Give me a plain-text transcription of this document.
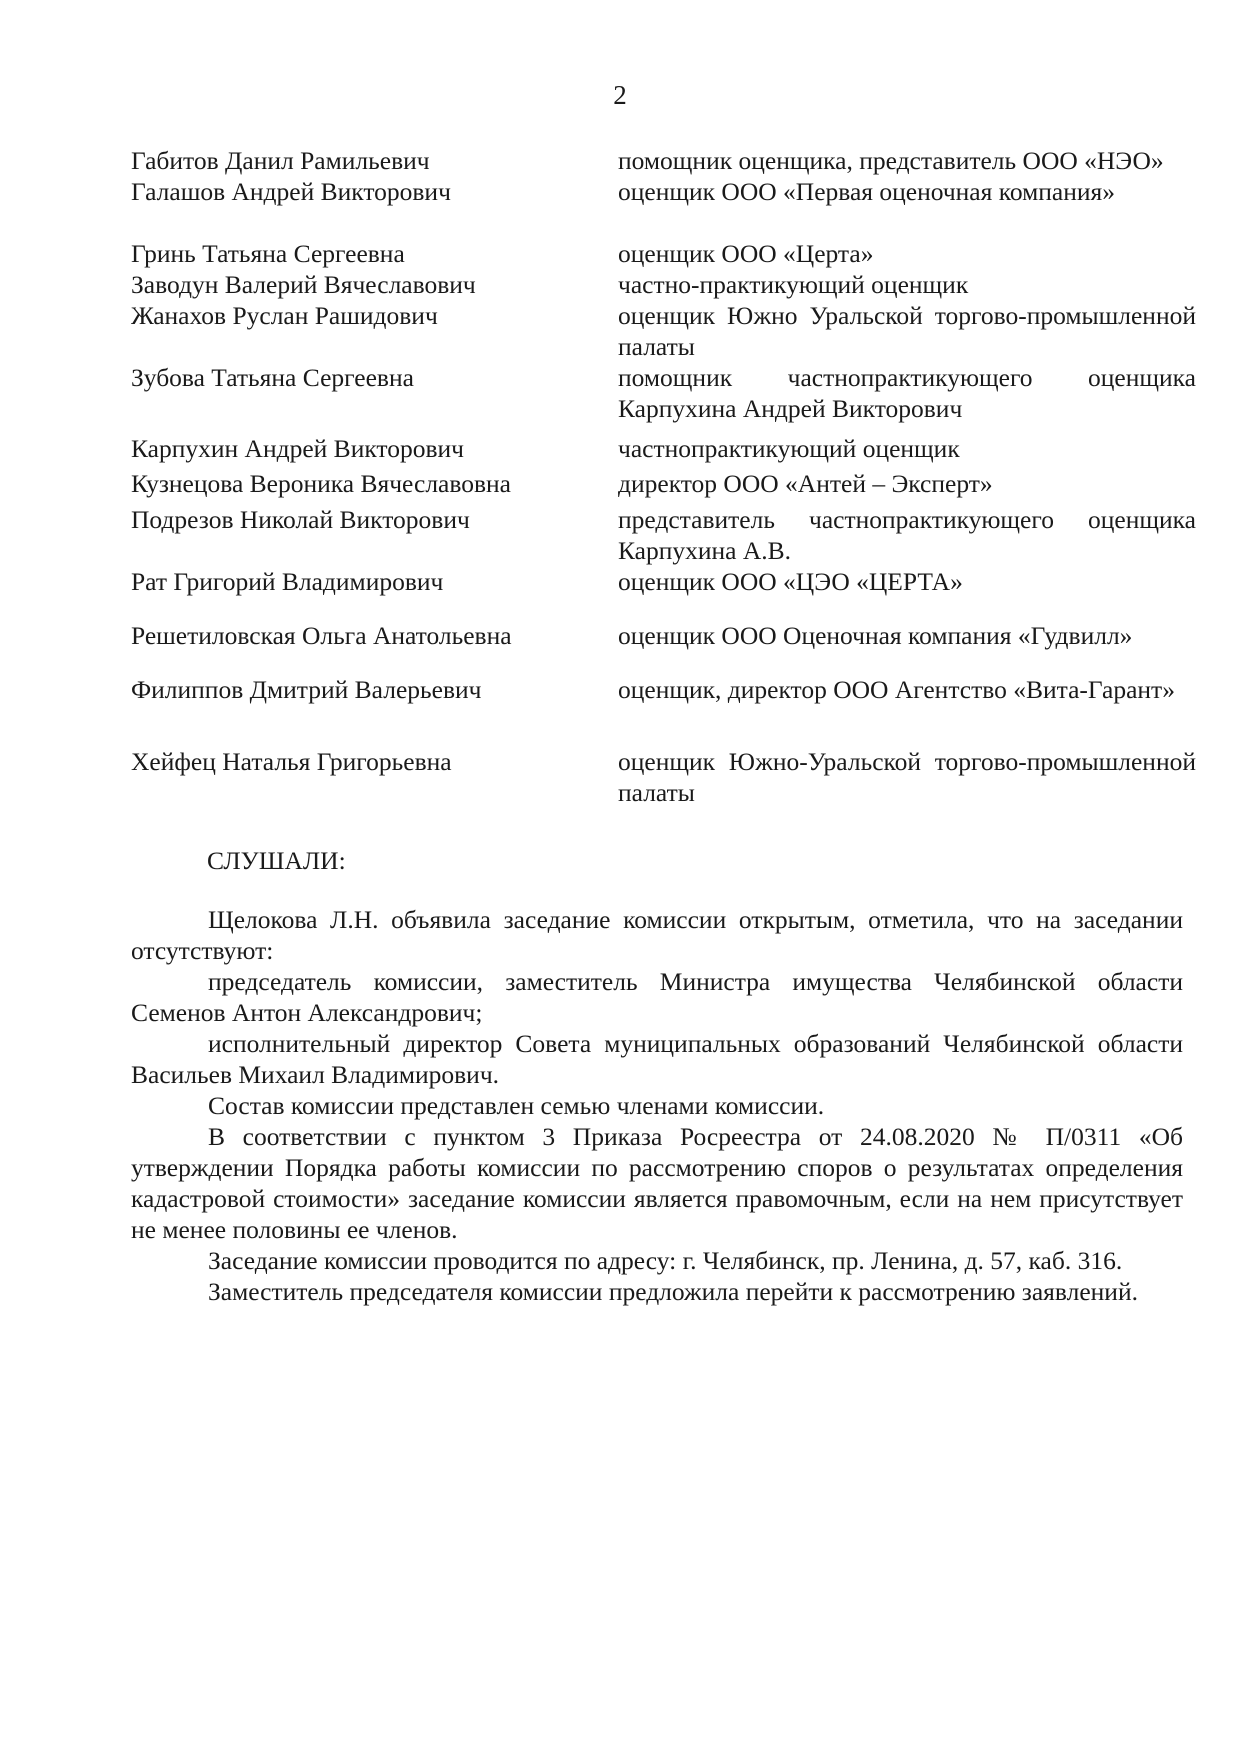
2
Габитов Данил Рамильевич	помощник оценщика, представитель ООО «НЭО»
Галашов Андрей Викторович	оценщик ООО «Первая оценочная компания»
Гринь Татьяна Сергеевна	оценщик ООО «Церта»
Заводун Валерий Вячеславович	частно-практикующий оценщик
Жанахов Руслан Рашидович	оценщик Южно Уральской торгово-промышленной палаты
Зубова Татьяна Сергеевна	помощник частнопрактикующего оценщика Карпухина Андрей Викторович
Карпухин Андрей Викторович	частнопрактикующий оценщик
Кузнецова Вероника Вячеславовна	директор ООО «Антей – Эксперт»
Подрезов Николай Викторович	представитель частнопрактикующего оценщика Карпухина А.В.
Рат Григорий Владимирович	оценщик ООО «ЦЭО «ЦЕРТА»
Решетиловская Ольга Анатольевна	оценщик ООО Оценочная компания «Гудвилл»
Филиппов Дмитрий Валерьевич	оценщик, директор ООО Агентство «Вита-Гарант»
Хейфец Наталья Григорьевна	оценщик Южно-Уральской торгово-промышленной палаты
СЛУШАЛИ:

Щелокова Л.Н. объявила заседание комиссии открытым, отметила, что на заседании отсутствуют:

председатель комиссии, заместитель Министра имущества Челябинской области Семенов Антон Александрович;

исполнительный директор Совета муниципальных образований Челябинской области Васильев Михаил Владимирович.

Состав комиссии представлен семью членами комиссии.

В соответствии с пунктом 3 Приказа Росреестра от 24.08.2020 № П/0311 «Об утверждении Порядка работы комиссии по рассмотрению споров о результатах определения кадастровой стоимости» заседание комиссии является правомочным, если на нем присутствует не менее половины ее членов.

Заседание комиссии проводится по адресу: г. Челябинск, пр. Ленина, д. 57, каб. 316.

Заместитель председателя комиссии предложила перейти к рассмотрению заявлений.
